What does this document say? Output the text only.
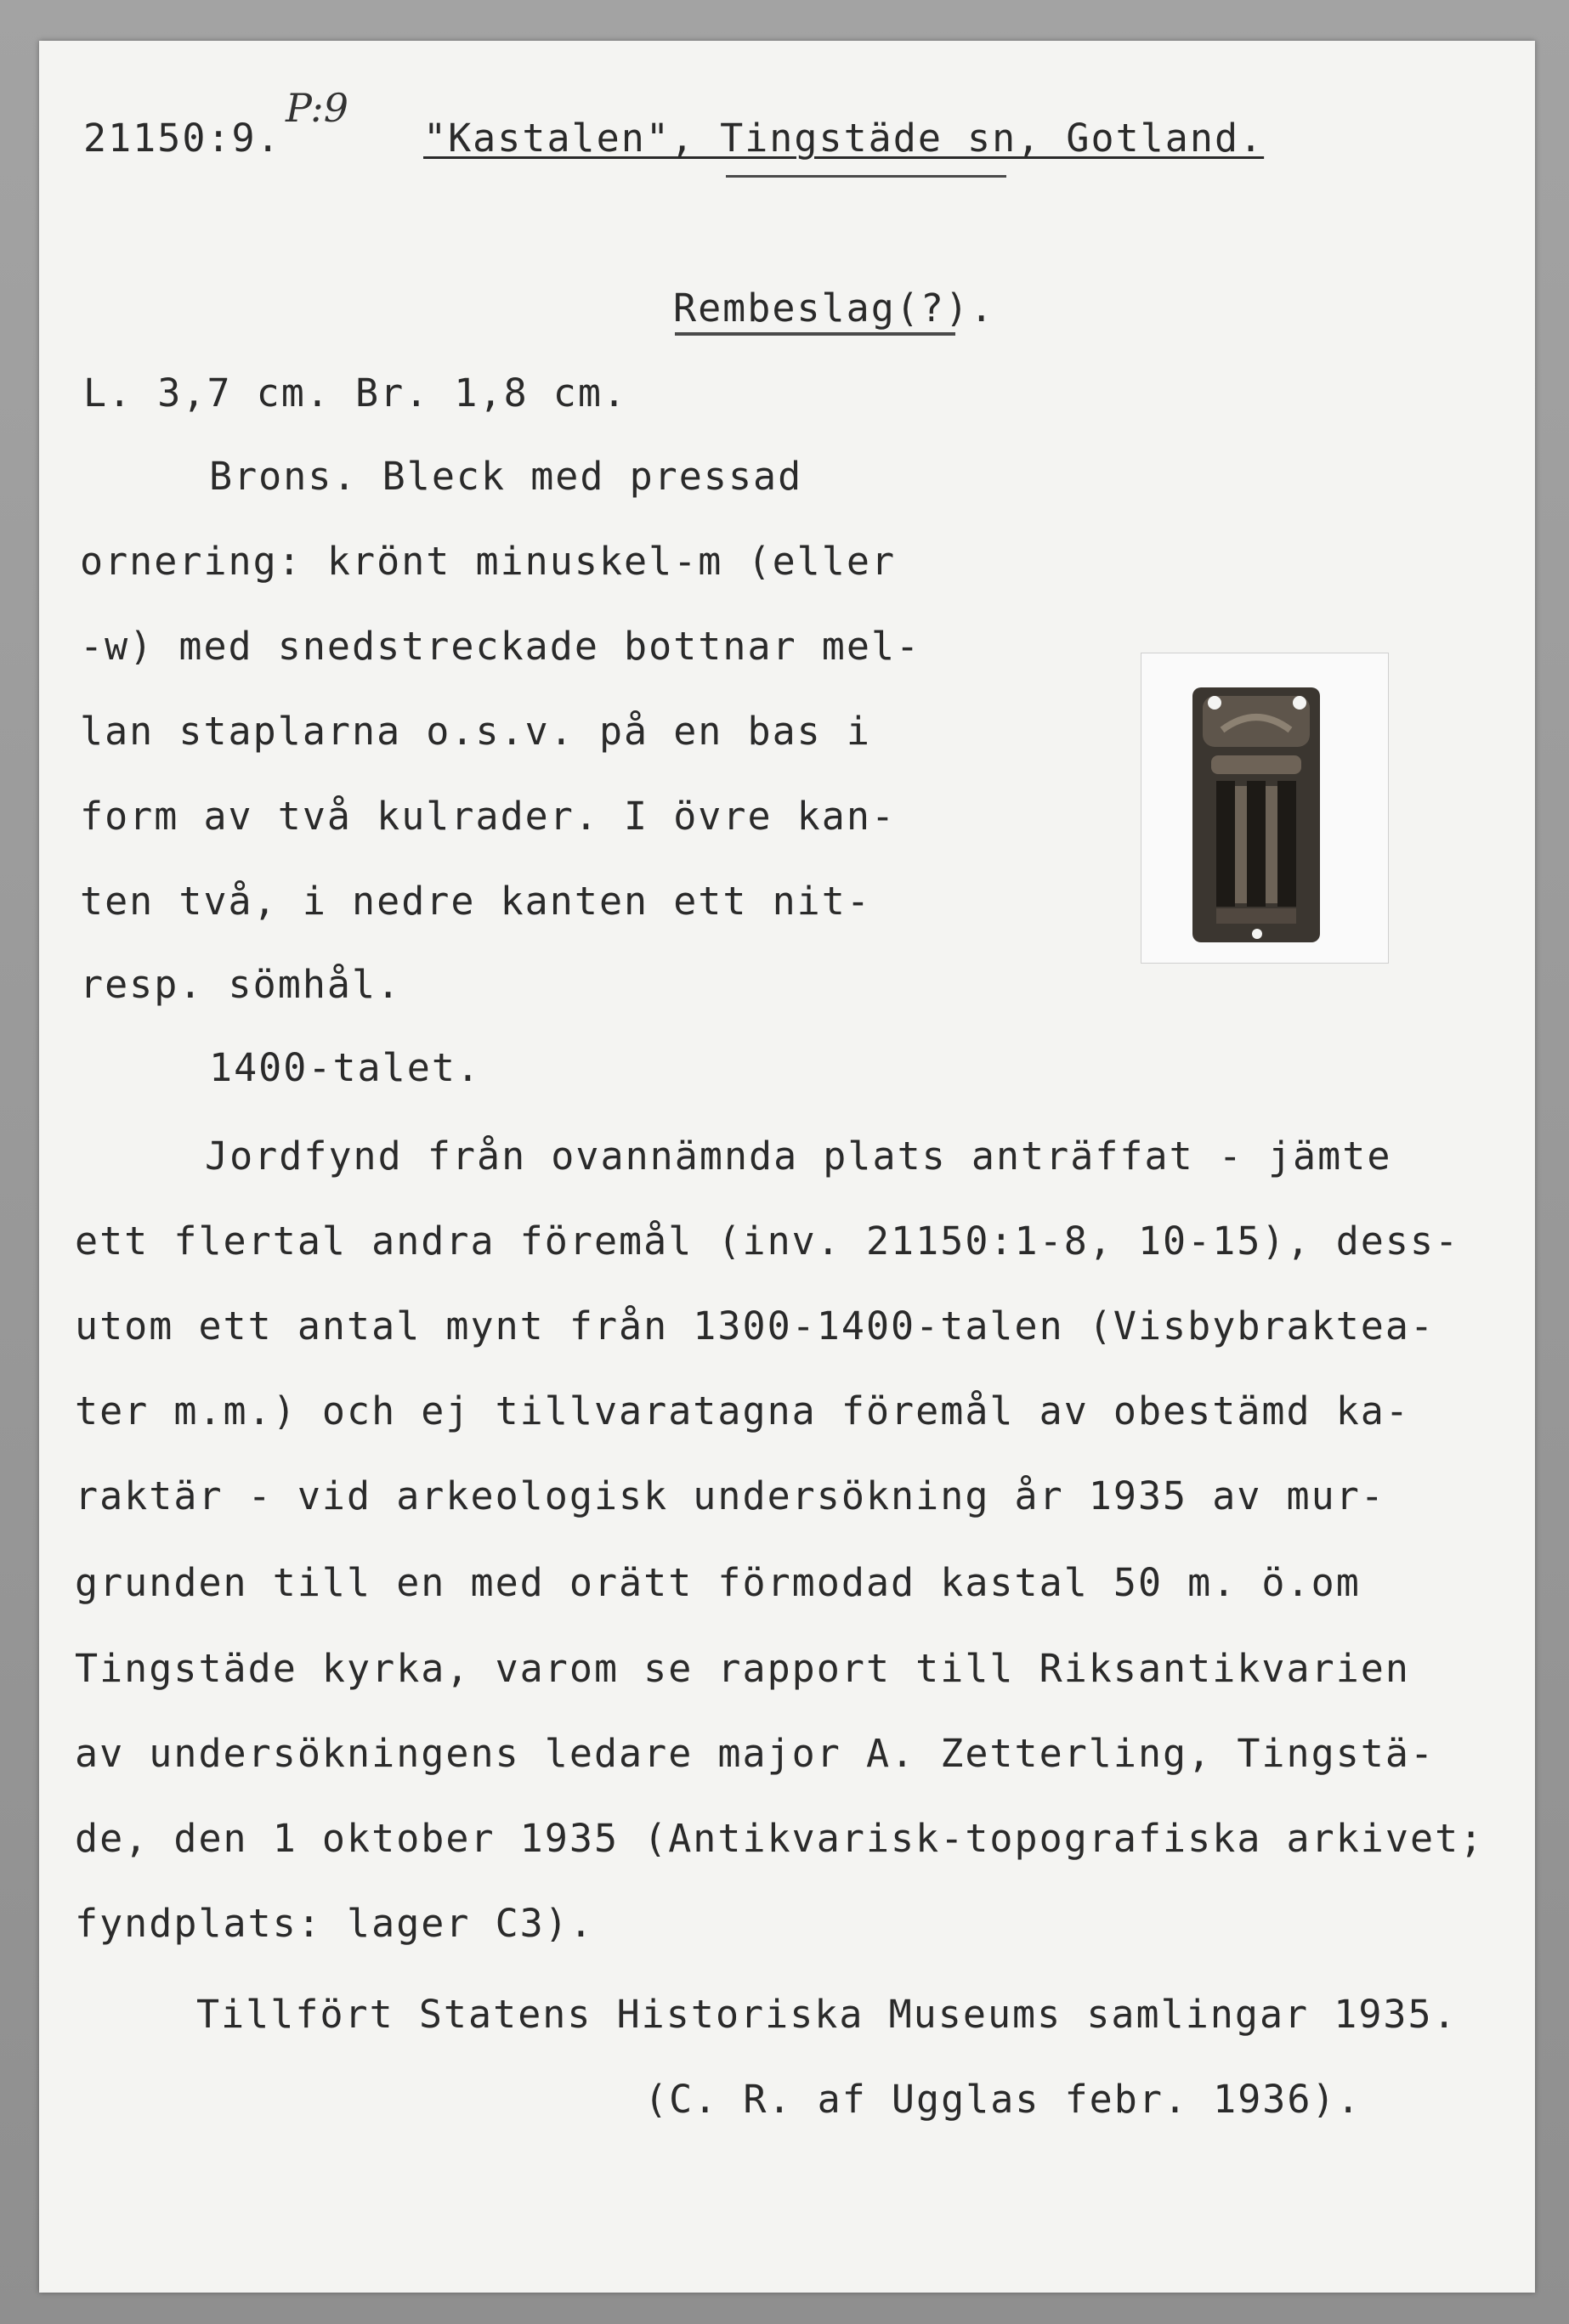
P:9
21150:9.	"Kastalen", Tingstäde sn, Gotland.
Rembeslag(?).
L. 3,7 cm. Br. 1,8 cm.
Brons. Bleck med pressad
ornering: krönt minuskel-m (eller
-w) med snedstreckade bottnar mel-
lan staplarna o.s.v. på en bas i
form av två kulrader. I övre kan-
ten två, i nedre kanten ett nit-
resp. sömhål.
1400-talet.
Jordfynd från ovannämnda plats anträffat - jämte
ett flertal andra föremål (inv. 21150:1-8, 10-15), dess-
utom ett antal mynt från 1300-1400-talen (Visbybraktea-
ter m.m.) och ej tillvaratagna föremål av obestämd ka-
raktär - vid arkeologisk undersökning år 1935 av mur-
grunden till en med orätt förmodad kastal 50 m. ö.om
Tingstäde kyrka, varom se rapport till Riksantikvarien
av undersökningens ledare major A. Zetterling, Tingstä-
de, den 1 oktober 1935 (Antikvarisk-topografiska arkivet;
fyndplats: lager C3).
Tillfört Statens Historiska Museums samlingar 1935.
(C. R. af Ugglas febr. 1936).
